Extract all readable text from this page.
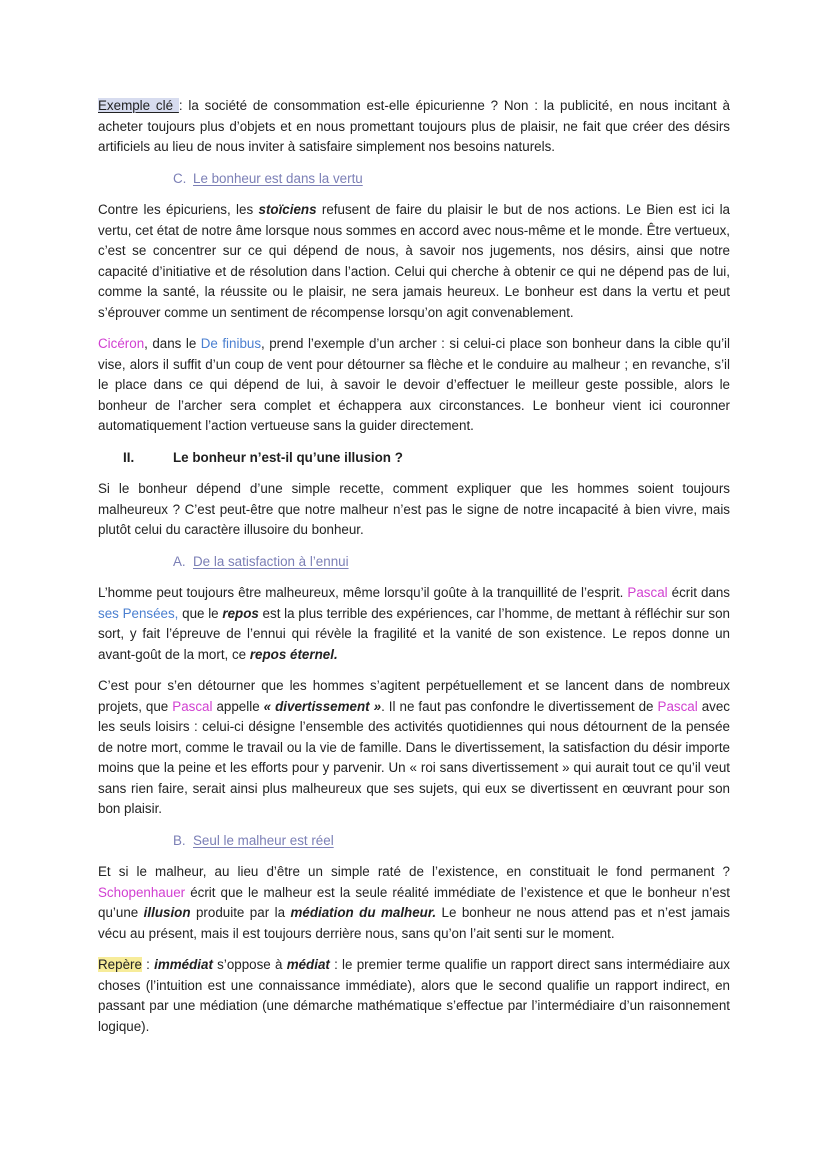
Exemple clé : la société de consommation est-elle épicurienne ? Non : la publicité, en nous incitant à acheter toujours plus d’objets et en nous promettant toujours plus de plaisir, ne fait que créer des désirs artificiels au lieu de nous inviter à satisfaire simplement nos besoins naturels.

C. Le bonheur est dans la vertu

Contre les épicuriens, les stoïciens refusent de faire du plaisir le but de nos actions. Le Bien est ici la vertu, cet état de notre âme lorsque nous sommes en accord avec nous-même et le monde. Être vertueux, c’est se concentrer sur ce qui dépend de nous, à savoir nos jugements, nos désirs, ainsi que notre capacité d’initiative et de résolution dans l’action. Celui qui cherche à obtenir ce qui ne dépend pas de lui, comme la santé, la réussite ou le plaisir, ne sera jamais heureux. Le bonheur est dans la vertu et peut s’éprouver comme un sentiment de récompense lorsqu’on agit convenablement.

Cicéron, dans le De finibus, prend l’exemple d’un archer : si celui-ci place son bonheur dans la cible qu’il vise, alors il suffit d’un coup de vent pour détourner sa flèche et le conduire au malheur ; en revanche, s’il le place dans ce qui dépend de lui, à savoir le devoir d’effectuer le meilleur geste possible, alors le bonheur de l’archer sera complet et échappera aux circonstances. Le bonheur vient ici couronner automatiquement l’action vertueuse sans la guider directement.

II.	Le bonheur n’est-il qu’une illusion ?

Si le bonheur dépend d’une simple recette, comment expliquer que les hommes soient toujours malheureux ? C’est peut-être que notre malheur n’est pas le signe de notre incapacité à bien vivre, mais plutôt celui du caractère illusoire du bonheur.

A. De la satisfaction à l’ennui

L’homme peut toujours être malheureux, même lorsqu’il goûte à la tranquillité de l’esprit. Pascal écrit dans ses Pensées, que le repos est la plus terrible des expériences, car l’homme, de mettant à réfléchir sur son sort, y fait l’épreuve de l’ennui qui révèle la fragilité et la vanité de son existence. Le repos donne un avant-goût de la mort, ce repos éternel.

C’est pour s’en détourner que les hommes s’agitent perpétuellement et se lancent dans de nombreux projets, que Pascal appelle « divertissement ». Il ne faut pas confondre le divertissement de Pascal avec les seuls loisirs : celui-ci désigne l’ensemble des activités quotidiennes qui nous détournent de la pensée de notre mort, comme le travail ou la vie de famille. Dans le divertissement, la satisfaction du désir importe moins que la peine et les efforts pour y parvenir. Un « roi sans divertissement » qui aurait tout ce qu’il veut sans rien faire, serait ainsi plus malheureux que ses sujets, qui eux se divertissent en œuvrant pour son bon plaisir.

B. Seul le malheur est réel

Et si le malheur, au lieu d’être un simple raté de l’existence, en constituait le fond permanent ? Schopenhauer écrit que le malheur est la seule réalité immédiate de l’existence et que le bonheur n’est qu’une illusion produite par la médiation du malheur. Le bonheur ne nous attend pas et n’est jamais vécu au présent, mais il est toujours derrière nous, sans qu’on l’ait senti sur le moment.

Repère : immédiat s’oppose à médiat : le premier terme qualifie un rapport direct sans intermédiaire aux choses (l’intuition est une connaissance immédiate), alors que le second qualifie un rapport indirect, en passant par une médiation (une démarche mathématique s’effectue par l’intermédiaire d’un raisonnement logique).
